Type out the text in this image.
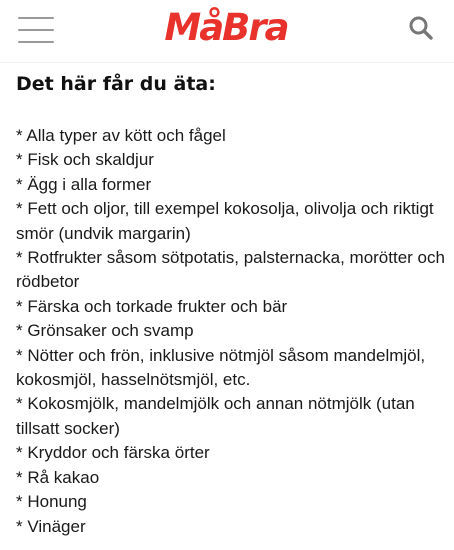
MåBra
Det här får du äta:

* Alla typer av kött och fågel

* Fisk och skaldjur

* Ägg i alla former

* Fett och oljor, till exempel kokosolja, olivolja och riktigt smör (undvik margarin)

* Rotfrukter såsom sötpotatis, palsternacka, morötter och rödbetor

* Färska och torkade frukter och bär

* Grönsaker och svamp

* Nötter och frön, inklusive nötmjöl såsom mandelmjöl, kokosmjöl, hasselnötsmjöl, etc.

* Kokosmjölk, mandelmjölk och annan nötmjölk (utan tillsatt socker)

* Kryddor och färska örter

* Rå kakao

* Honung

* Vinäger
